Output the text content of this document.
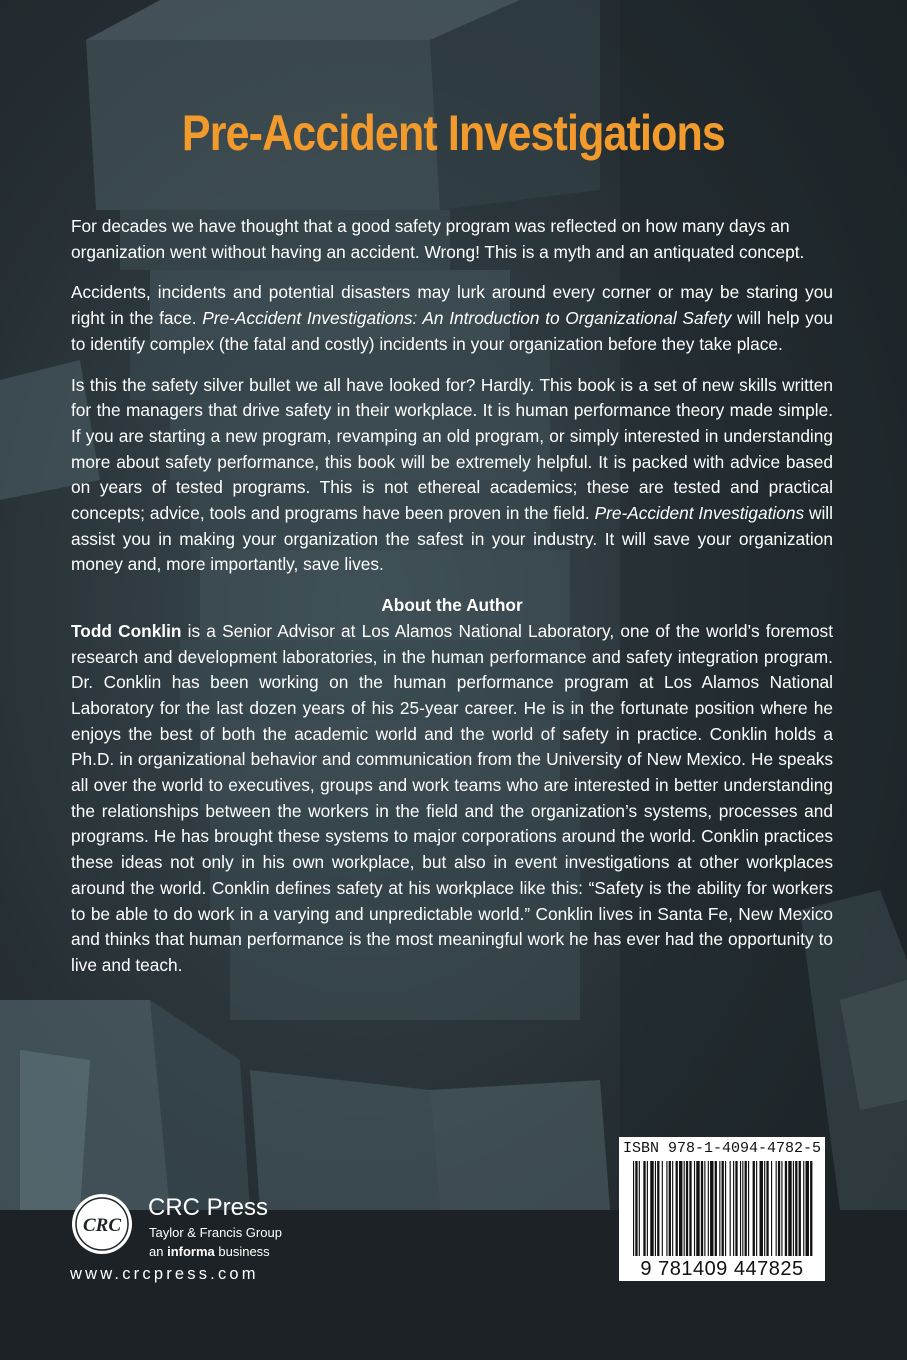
Pre-Accident Investigations

For decades we have thought that a good safety program was reflected on how many days an organization went without having an accident. Wrong! This is a myth and an antiquated concept.

Accidents, incidents and potential disasters may lurk around every corner or may be staring you right in the face. Pre-Accident Investigations: An Introduction to Organizational Safety will help you to identify complex (the fatal and costly) incidents in your organization before they take place.

Is this the safety silver bullet we all have looked for? Hardly. This book is a set of new skills written for the managers that drive safety in their workplace. It is human performance theory made simple. If you are starting a new program, revamping an old program, or simply interested in understanding more about safety performance, this book will be extremely helpful. It is packed with advice based on years of tested programs. This is not ethereal academics; these are tested and practical concepts; advice, tools and programs have been proven in the field. Pre-Accident Investigations will assist you in making your organization the safest in your industry. It will save your organization money and, more importantly, save lives.

About the Author

Todd Conklin is a Senior Advisor at Los Alamos National Laboratory, one of the world’s foremost research and development laboratories, in the human performance and safety integration program. Dr. Conklin has been working on the human performance program at Los Alamos National Laboratory for the last dozen years of his 25-year career. He is in the fortunate position where he enjoys the best of both the academic world and the world of safety in practice. Conklin holds a Ph.D. in organizational behavior and communication from the University of New Mexico. He speaks all over the world to executives, groups and work teams who are interested in better understanding the relationships between the workers in the field and the organization’s systems, processes and programs. He has brought these systems to major corporations around the world. Conklin practices these ideas not only in his own workplace, but also in event investigations at other workplaces around the world. Conklin defines safety at his workplace like this: “Safety is the ability for workers to be able to do work in a varying and unpredictable world.” Conklin lives in Santa Fe, New Mexico and thinks that human performance is the most meaningful work he has ever had the opportunity to live and teach.

CRC
CRC Press
Taylor & Francis Group
an informa business
www.crcpress.com
ISBN 978-1-4094-4782-5
9 781409 447825
